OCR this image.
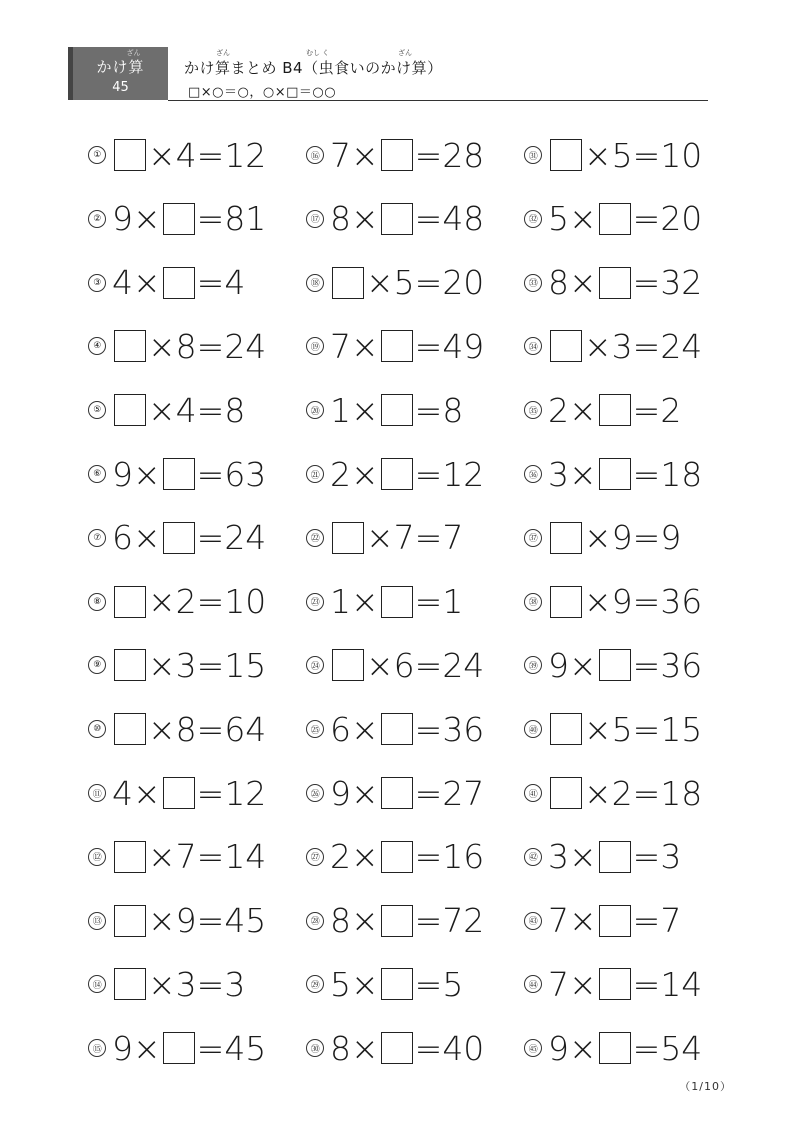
ざん
かけ算
45
ざん	むし く	ざん
かけ算まとめ B4（虫食いのかけ算）
□×○＝○，○×□＝○○
① × 4 = 12
② 9 × = 81
③ 4 × = 4
④ × 8 = 24
⑤ × 4 = 8
⑥ 9 × = 63
⑦ 6 × = 24
⑧ × 2 = 10
⑨ × 3 = 15
⑩ × 8 = 64
⑪ 4 × = 12
⑫ × 7 = 14
⑬ × 9 = 45
⑭ × 3 = 3
⑮ 9 × = 45
⑯ 7 × = 28
⑰ 8 × = 48
⑱ × 5 = 20
⑲ 7 × = 49
⑳ 1 × = 8
㉑ 2 × = 12
㉒ × 7 = 7
㉓ 1 × = 1
㉔ × 6 = 24
㉕ 6 × = 36
㉖ 9 × = 27
㉗ 2 × = 16
㉘ 8 × = 72
㉙ 5 × = 5
㉚ 8 × = 40
㉛ × 5 = 10
㉜ 5 × = 20
㉝ 8 × = 32
㉞ × 3 = 24
㉟ 2 × = 2
㊱ 3 × = 18
㊲ × 9 = 9
㊳ × 9 = 36
㊴ 9 × = 36
㊵ × 5 = 15
㊶ × 2 = 18
㊷ 3 × = 3
㊸ 7 × = 7
㊹ 7 × = 14
㊺ 9 × = 54
（1/10）
